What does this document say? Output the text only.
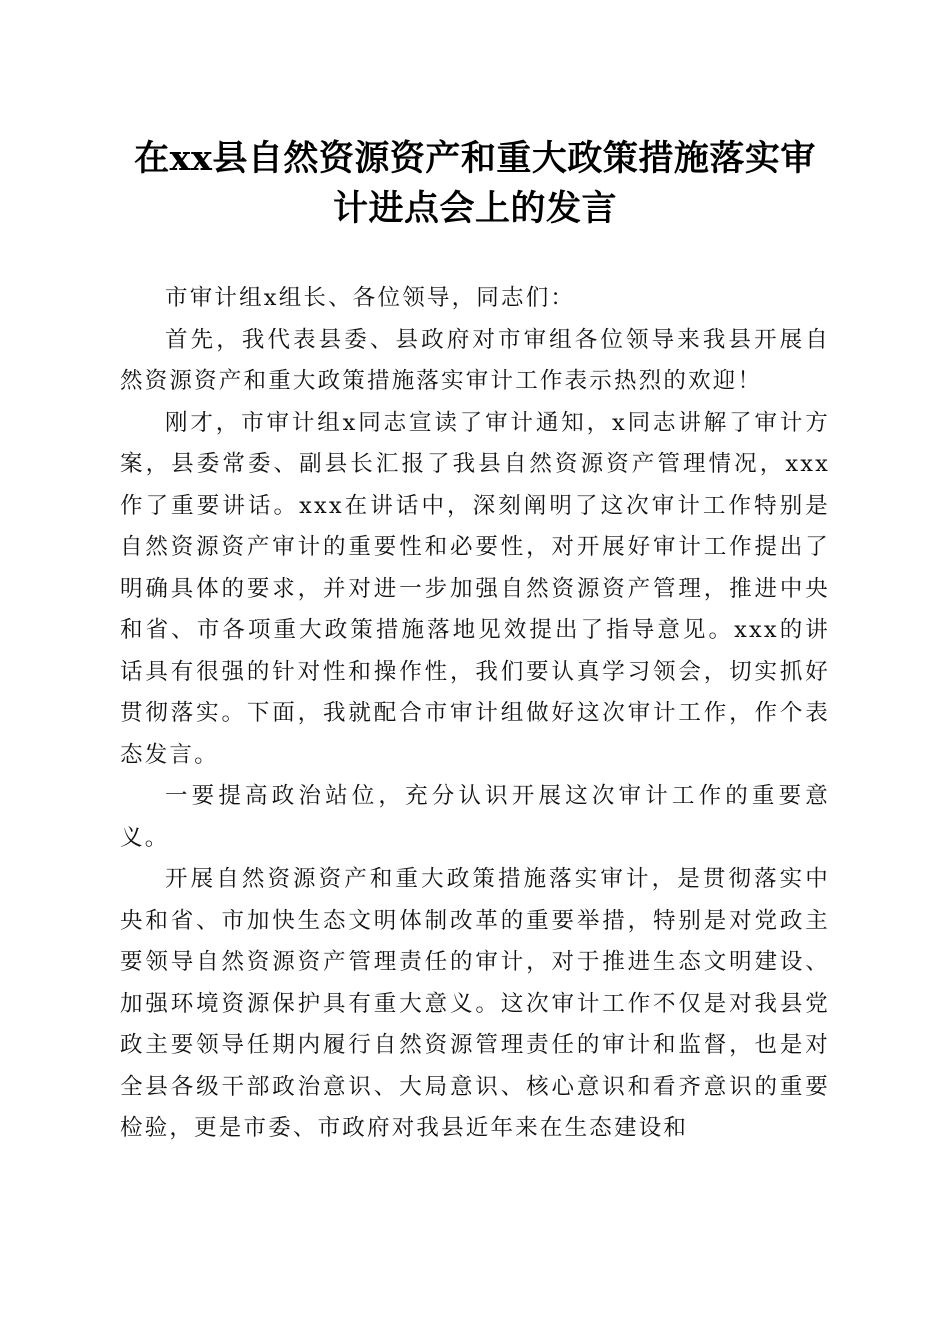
在xx县自然资源资产和重大政策措施落实审计进点会上的发言

市审计组x组长、各位领导，同志们：

首先，我代表县委、县政府对市审组各位领导来我县开展自然资源资产和重大政策措施落实审计工作表示热烈的欢迎！

刚才，市审计组x同志宣读了审计通知，x同志讲解了审计方案，县委常委、副县长汇报了我县自然资源资产管理情况，xxx作了重要讲话。xxx在讲话中，深刻阐明了这次审计工作特别是自然资源资产审计的重要性和必要性，对开展好审计工作提出了明确具体的要求，并对进一步加强自然资源资产管理，推进中央和省、市各项重大政策措施落地见效提出了指导意见。xxx的讲话具有很强的针对性和操作性，我们要认真学习领会，切实抓好贯彻落实。下面，我就配合市审计组做好这次审计工作，作个表态发言。

一要提高政治站位，充分认识开展这次审计工作的重要意义。

开展自然资源资产和重大政策措施落实审计，是贯彻落实中央和省、市加快生态文明体制改革的重要举措，特别是对党政主要领导自然资源资产管理责任的审计，对于推进生态文明建设、加强环境资源保护具有重大意义。这次审计工作不仅是对我县党政主要领导任期内履行自然资源管理责任的审计和监督，也是对全县各级干部政治意识、大局意识、核心意识和看齐意识的重要检验，更是市委、市政府对我县近年来在生态建设和
